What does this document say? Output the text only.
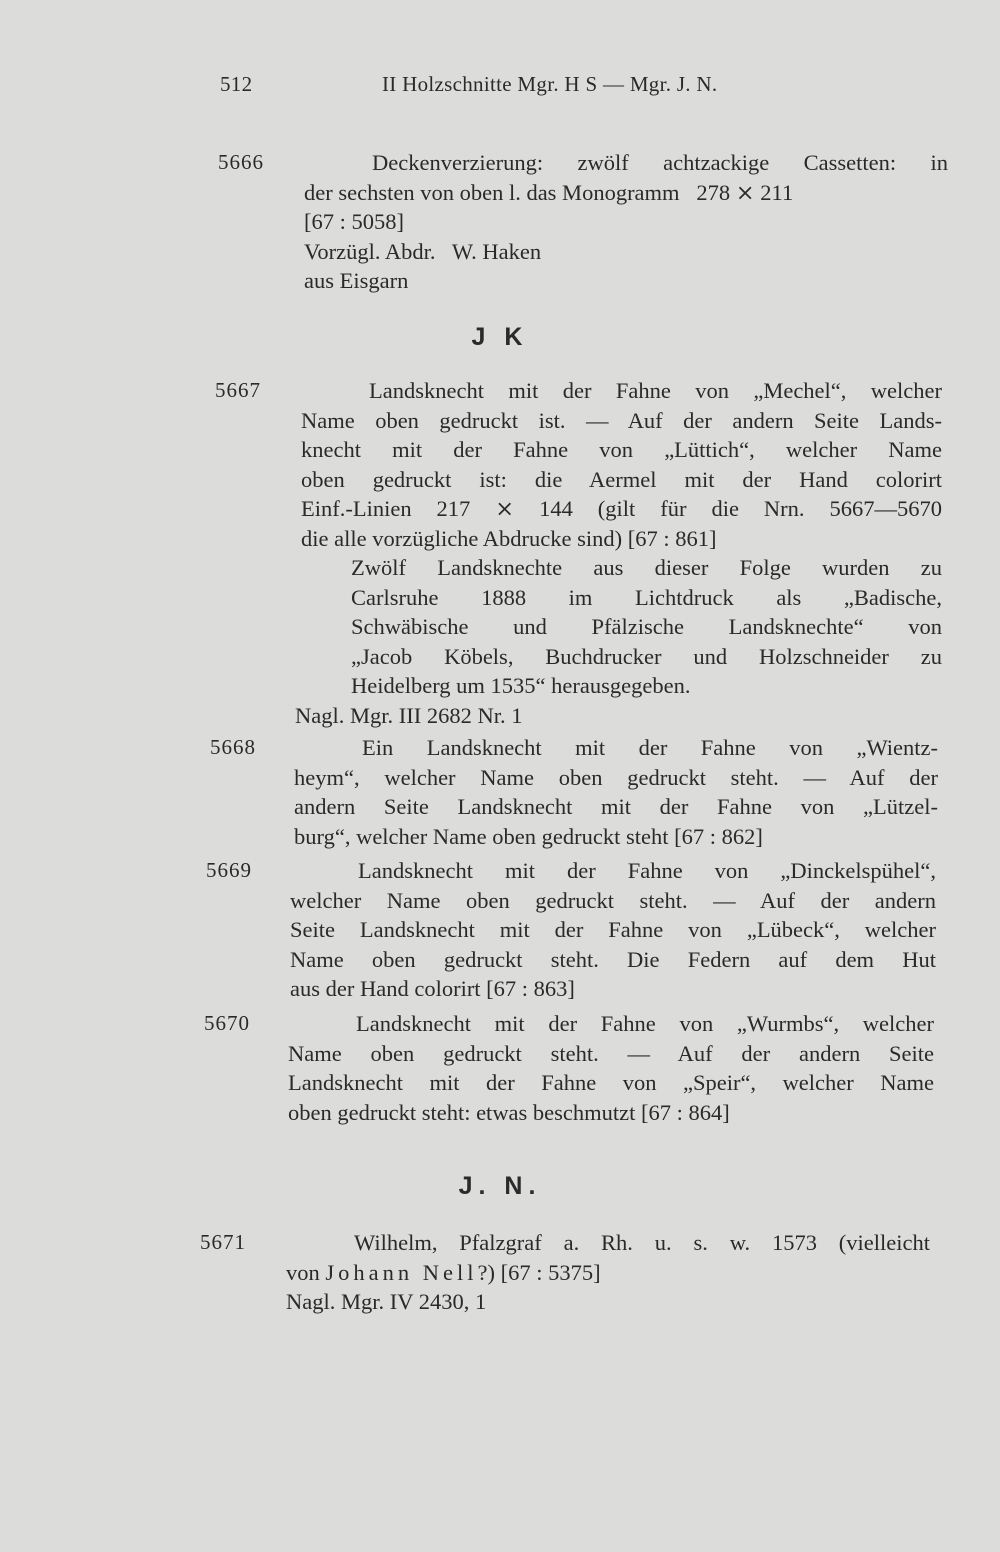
512	II Holzschnitte Mgr. H S — Mgr. J. N.
5666	Deckenverzierung: zwölf achtzackige Cassetten: in
der sechsten von oben l. das Monogramm   278 ⨯ 211
[67 : 5058]
Vorzügl. Abdr.   W. Haken
aus Eisgarn
J K
5667	Landsknecht mit der Fahne von „Mechel“, welcher
Name oben gedruckt ist. — Auf der andern Seite Lands-
knecht mit der Fahne von „Lüttich“, welcher Name
oben gedruckt ist: die Aermel mit der Hand colorirt
Einf.-Linien 217 ⨯ 144 (gilt für die Nrn. 5667—5670
die alle vorzügliche Abdrucke sind) [67 : 861]
Zwölf Landsknechte aus dieser Folge wurden zu
Carlsruhe 1888 im Lichtdruck als „Badische,
Schwäbische und Pfälzische Landsknechte“ von
„Jacob Köbels, Buchdrucker und Holzschneider zu
Heidelberg um 1535“ herausgegeben.
Nagl. Mgr. III 2682 Nr. 1
5668	Ein Landsknecht mit der Fahne von „Wientz-
heym“, welcher Name oben gedruckt steht. — Auf der
andern Seite Landsknecht mit der Fahne von „Lützel-
burg“, welcher Name oben gedruckt steht [67 : 862]
5669	Landsknecht mit der Fahne von „Dinckelspühel“,
welcher Name oben gedruckt steht. — Auf der andern
Seite Landsknecht mit der Fahne von „Lübeck“, welcher
Name oben gedruckt steht. Die Federn auf dem Hut
aus der Hand colorirt [67 : 863]
5670	Landsknecht mit der Fahne von „Wurmbs“, welcher
Name oben gedruckt steht. — Auf der andern Seite
Landsknecht mit der Fahne von „Speir“, welcher Name
oben gedruckt steht: etwas beschmutzt [67 : 864]
J. N.
5671	Wilhelm, Pfalzgraf a. Rh. u. s. w. 1573 (vielleicht
von Johann Nell?) [67 : 5375]
Nagl. Mgr. IV 2430, 1
